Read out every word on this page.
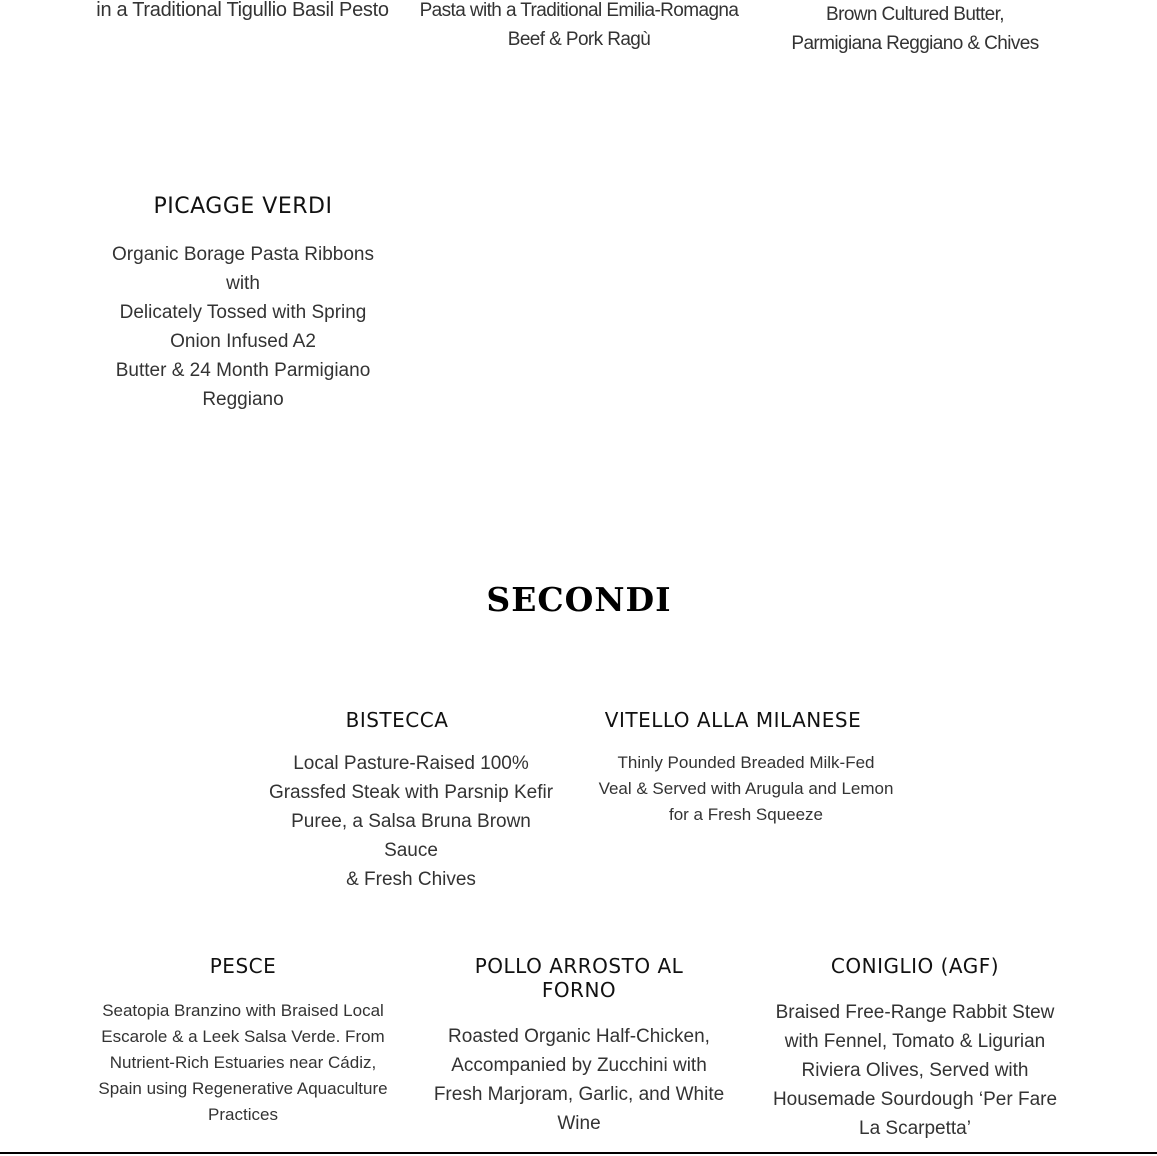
in a Traditional Tigullio Basil Pesto	Pasta with a Traditional Emilia-Romagna
Beef & Pork Ragù
Brown Cultured Butter,
Parmigiana Reggiano & Chives
PICAGGE VERDI
Organic Borage Pasta Ribbons with
Delicately Tossed with Spring
Onion Infused A2
Butter & 24 Month Parmigiano
Reggiano
SECONDI
BISTECCA
Local Pasture-Raised 100%
Grassfed Steak with Parsnip Kefir
Puree, a Salsa Bruna Brown Sauce
& Fresh Chives
VITELLO ALLA MILANESE
Thinly Pounded Breaded Milk-Fed
Veal & Served with Arugula and Lemon
for a Fresh Squeeze
PESCE
Seatopia Branzino with Braised Local
Escarole & a Leek Salsa Verde. From
Nutrient-Rich Estuaries near Cádiz,
Spain using Regenerative Aquaculture
Practices
POLLO ARROSTO AL
FORNO
Roasted Organic Half-Chicken,
Accompanied by Zucchini with
Fresh Marjoram, Garlic, and White
Wine
CONIGLIO (AGF)
Braised Free-Range Rabbit Stew
with Fennel, Tomato & Ligurian
Riviera Olives, Served with
Housemade Sourdough ‘Per Fare
La Scarpetta’
